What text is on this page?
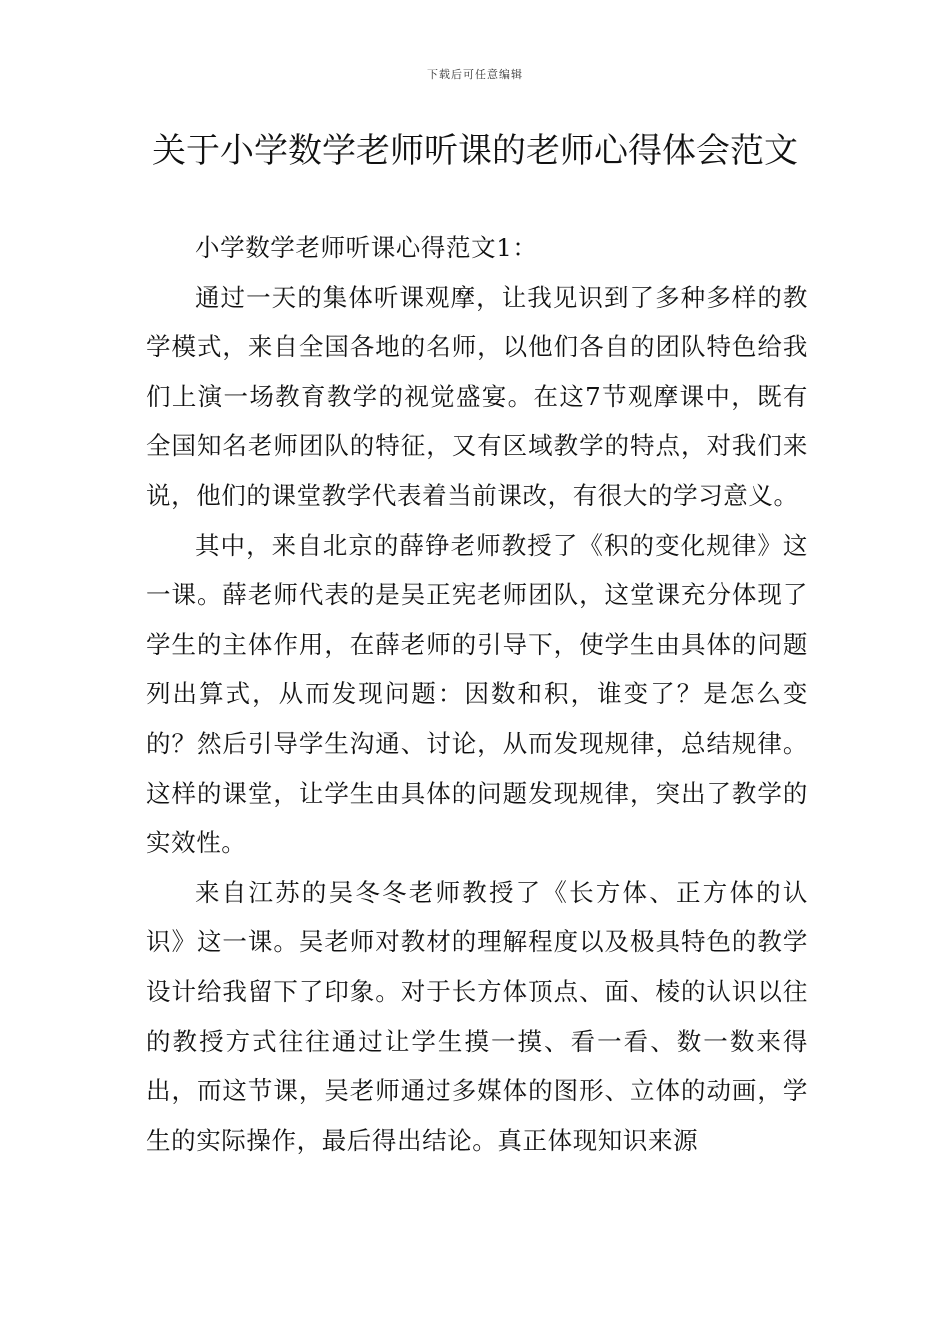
下载后可任意编辑
关于小学数学老师听课的老师心得体会范文

小学数学老师听课心得范文1：

通过一天的集体听课观摩，让我见识到了多种多样的教学模式，来自全国各地的名师，以他们各自的团队特色给我们上演一场教育教学的视觉盛宴。在这7节观摩课中，既有全国知名老师团队的特征，又有区域教学的特点，对我们来说，他们的课堂教学代表着当前课改，有很大的学习意义。

其中，来自北京的薛铮老师教授了《积的变化规律》这一课。薛老师代表的是吴正宪老师团队，这堂课充分体现了学生的主体作用，在薛老师的引导下，使学生由具体的问题列出算式，从而发现问题：因数和积，谁变了？是怎么变的？然后引导学生沟通、讨论，从而发现规律，总结规律。这样的课堂，让学生由具体的问题发现规律，突出了教学的实效性。

来自江苏的吴冬冬老师教授了《长方体、正方体的认识》这一课。吴老师对教材的理解程度以及极具特色的教学设计给我留下了印象。对于长方体顶点、面、棱的认识以往的教授方式往往通过让学生摸一摸、看一看、数一数来得出，而这节课，吴老师通过多媒体的图形、立体的动画，学生的实际操作，最后得出结论。真正体现知识来源
